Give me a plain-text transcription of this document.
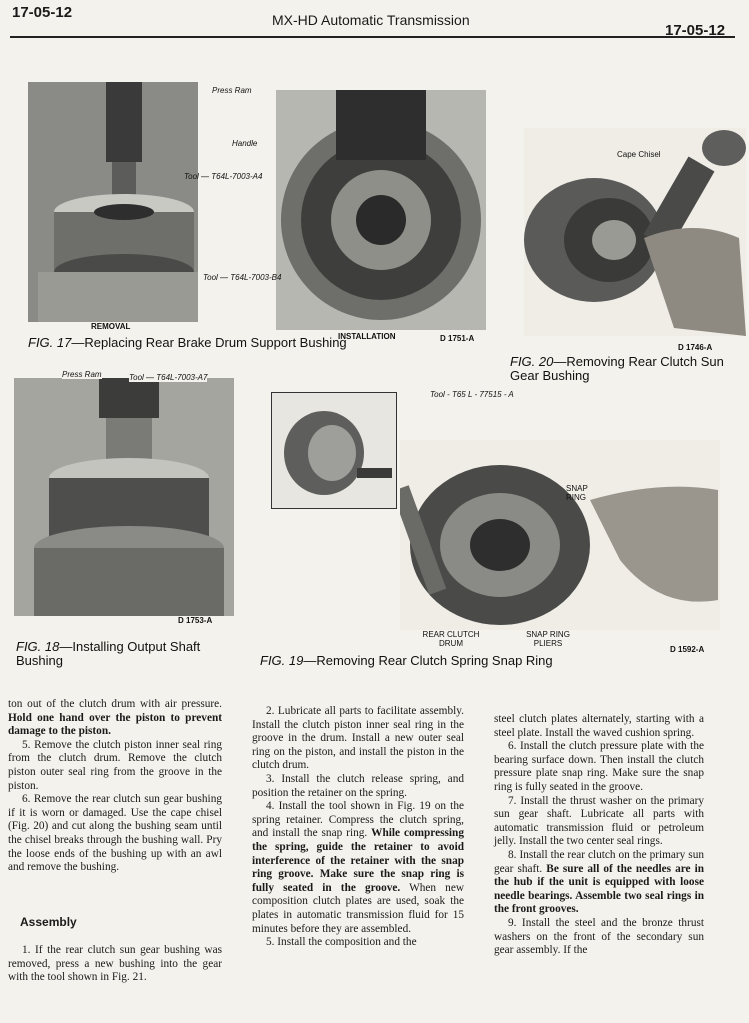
17-05-12	MX-HD Automatic Transmission
17-05-12
Press Ram
Handle
Tool — T64L-7003-A4
Tool — T64L-7003-B4
REMOVAL
INSTALLATION	D 1751-A
FIG. 17—Replacing Rear Brake Drum Support Bushing
Cape Chisel
D 1746-A
FIG. 20—Removing Rear Clutch Sun Gear Bushing
Press Ram	Tool — T64L-7003-A7
D 1753-A
FIG. 18—Installing Output Shaft Bushing
Tool - T65 L - 77515 - A
SNAP RING
REAR CLUTCH DRUM
SNAP RING PLIERS
D 1592-A
FIG. 19—Removing Rear Clutch Spring Snap Ring

ton out of the clutch drum with air pressure. Hold one hand over the piston to prevent damage to the piston.

5. Remove the clutch piston inner seal ring from the clutch drum. Remove the clutch piston outer seal ring from the groove in the piston.

6. Remove the rear clutch sun gear bushing if it is worn or damaged. Use the cape chisel (Fig. 20) and cut along the bushing seam until the chisel breaks through the bushing wall. Pry the loose ends of the bushing up with an awl and remove the bushing.

Assembly

1. If the rear clutch sun gear bushing was removed, press a new bushing into the gear with the tool shown in Fig. 21.

2. Lubricate all parts to facilitate assembly. Install the clutch piston inner seal ring in the groove in the drum. Install a new outer seal ring on the piston, and install the piston in the clutch drum.

3. Install the clutch release spring, and position the retainer on the spring.

4. Install the tool shown in Fig. 19 on the spring retainer. Compress the clutch spring, and install the snap ring. While compressing the spring, guide the retainer to avoid interference of the retainer with the snap ring groove. Make sure the snap ring is fully seated in the groove. When new composition clutch plates are used, soak the plates in automatic transmission fluid for 15 minutes before they are assembled.

5. Install the composition and the

steel clutch plates alternately, starting with a steel plate. Install the waved cushion spring.

6. Install the clutch pressure plate with the bearing surface down. Then install the clutch pressure plate snap ring. Make sure the snap ring is fully seated in the groove.

7. Install the thrust washer on the primary sun gear shaft. Lubricate all parts with automatic transmission fluid or petroleum jelly. Install the two center seal rings.

8. Install the rear clutch on the primary sun gear shaft. Be sure all of the needles are in the hub if the unit is equipped with loose needle bearings. Assemble two seal rings in the front grooves.

9. Install the steel and the bronze thrust washers on the front of the secondary sun gear assembly. If the
